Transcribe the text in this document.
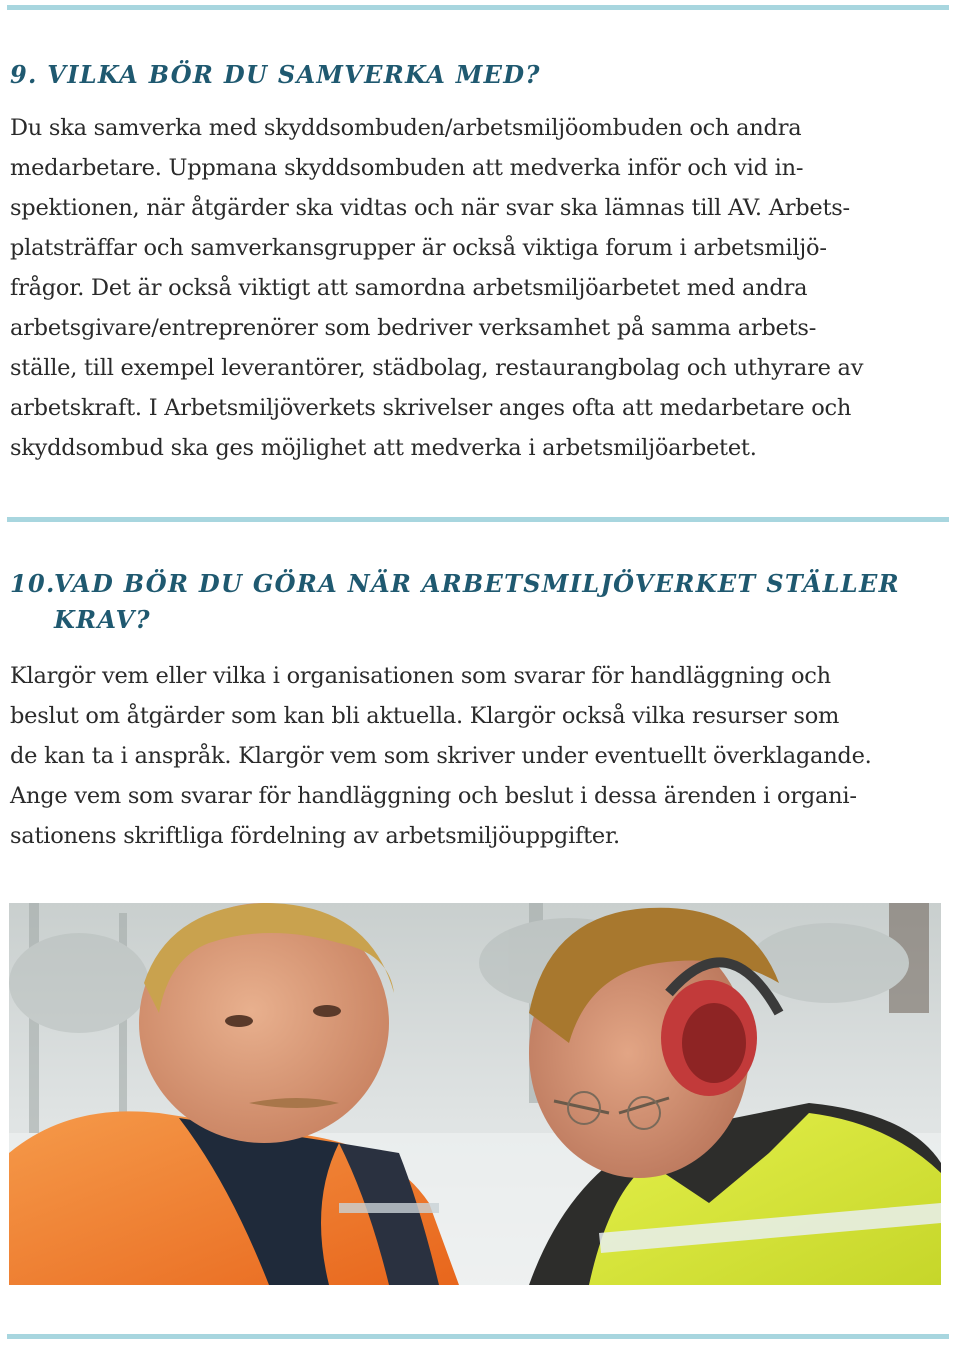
9. VILKA BÖR DU SAMVERKA MED?

Du ska samverka med skyddsombuden/arbetsmiljöombuden och andra
medarbetare. Uppmana skyddsombuden att medverka inför och vid in-
spektionen, när åtgärder ska vidtas och när svar ska lämnas till AV. Arbets-
platsträffar och samverkansgrupper är också viktiga forum i arbetsmiljö-
frågor. Det är också viktigt att samordna arbetsmiljöarbetet med andra
arbetsgivare/entreprenörer som bedriver verksamhet på samma arbets-
ställe, till exempel leverantörer, städbolag, restaurangbolag och uthyrare av
arbetskraft. I Arbetsmiljöverkets skrivelser anges ofta att medarbetare och
skyddsombud ska ges möjlighet att medverka i arbetsmiljöarbetet.

10.VAD BÖR DU GÖRA NÄR ARBETSMILJÖVERKET STÄLLER
KRAV?

Klargör vem eller vilka i organisationen som svarar för handläggning och
beslut om åtgärder som kan bli aktuella. Klargör också vilka resurser som
de kan ta i anspråk. Klargör vem som skriver under eventuellt överklagande.
Ange vem som svarar för handläggning och beslut i dessa ärenden i organi-
sationens skriftliga fördelning av arbetsmiljöuppgifter.
